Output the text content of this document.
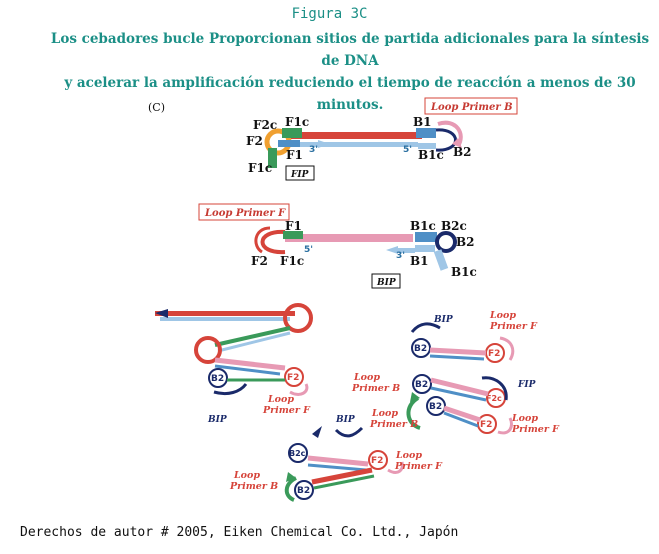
Figura 3C
Los cebadores bucle Proporcionan sitios de partida adicionales para la síntesis de DNA
y acelerar la amplificación reduciendo el tiempo de reacción a menos de 30 minutos.
(C)	Loop Primer B
F2c F1c
F2
F1 3'
F1c
B1
5' B1c B2
FIP
Loop Primer F
F1
F2 F1c
5'
B1c B2c
B2
3' B1
B1c
BIP
B2	F2
BIP
Loop
Primer F
BIP	Loop
Primer F
B2	F2
B2
B2
F2c
F2
Loop
Primer B	FIP
Loop
Primer B
Loop
Primer F
BIP
B2c
F2
B2
Loop
Primer F
Loop
Primer B
Derechos de autor # 2005, Eiken Chemical Co. Ltd., Japón
